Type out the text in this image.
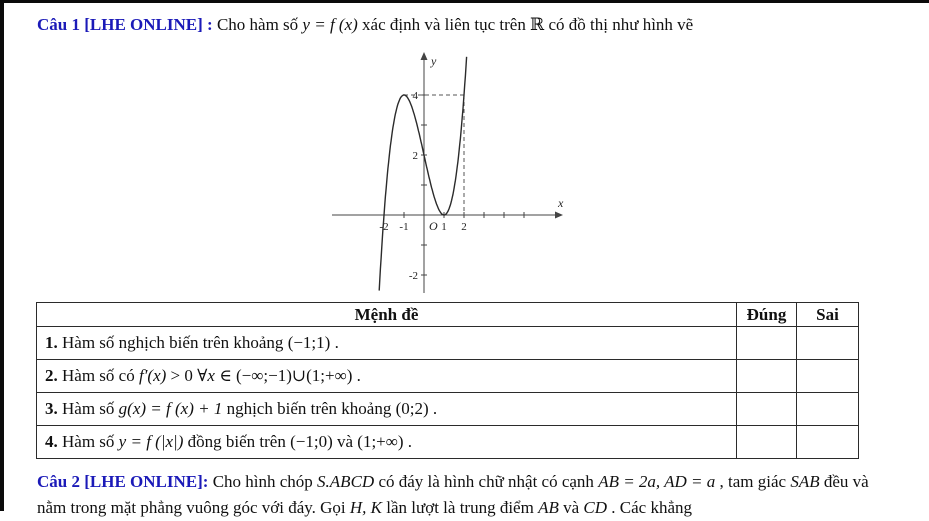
Câu 1 [LHE ONLINE] : Cho hàm số y = f (x) xác định và liên tục trên ℝ có đồ thị như hình vẽ

x
y
-2 -1	1 2
-2
2
4
O
Mệnh đề	Đúng	Sai
1. Hàm số nghịch biến trên khoảng (−1;1) .		
2. Hàm số có f′(x) > 0 ∀x ∈ (−∞;−1)∪(1;+∞) .		
3. Hàm số g(x) = f (x) + 1 nghịch biến trên khoảng (0;2) .		
4. Hàm số y = f (|x|) đồng biến trên (−1;0) và (1;+∞) .		

Câu 2 [LHE ONLINE]: Cho hình chóp S.ABCD có đáy là hình chữ nhật có cạnh AB = 2a, AD = a , tam giác SAB đều và nằm trong mặt phẳng vuông góc với đáy. Gọi H, K lần lượt là trung điểm AB và CD . Các khẳng
